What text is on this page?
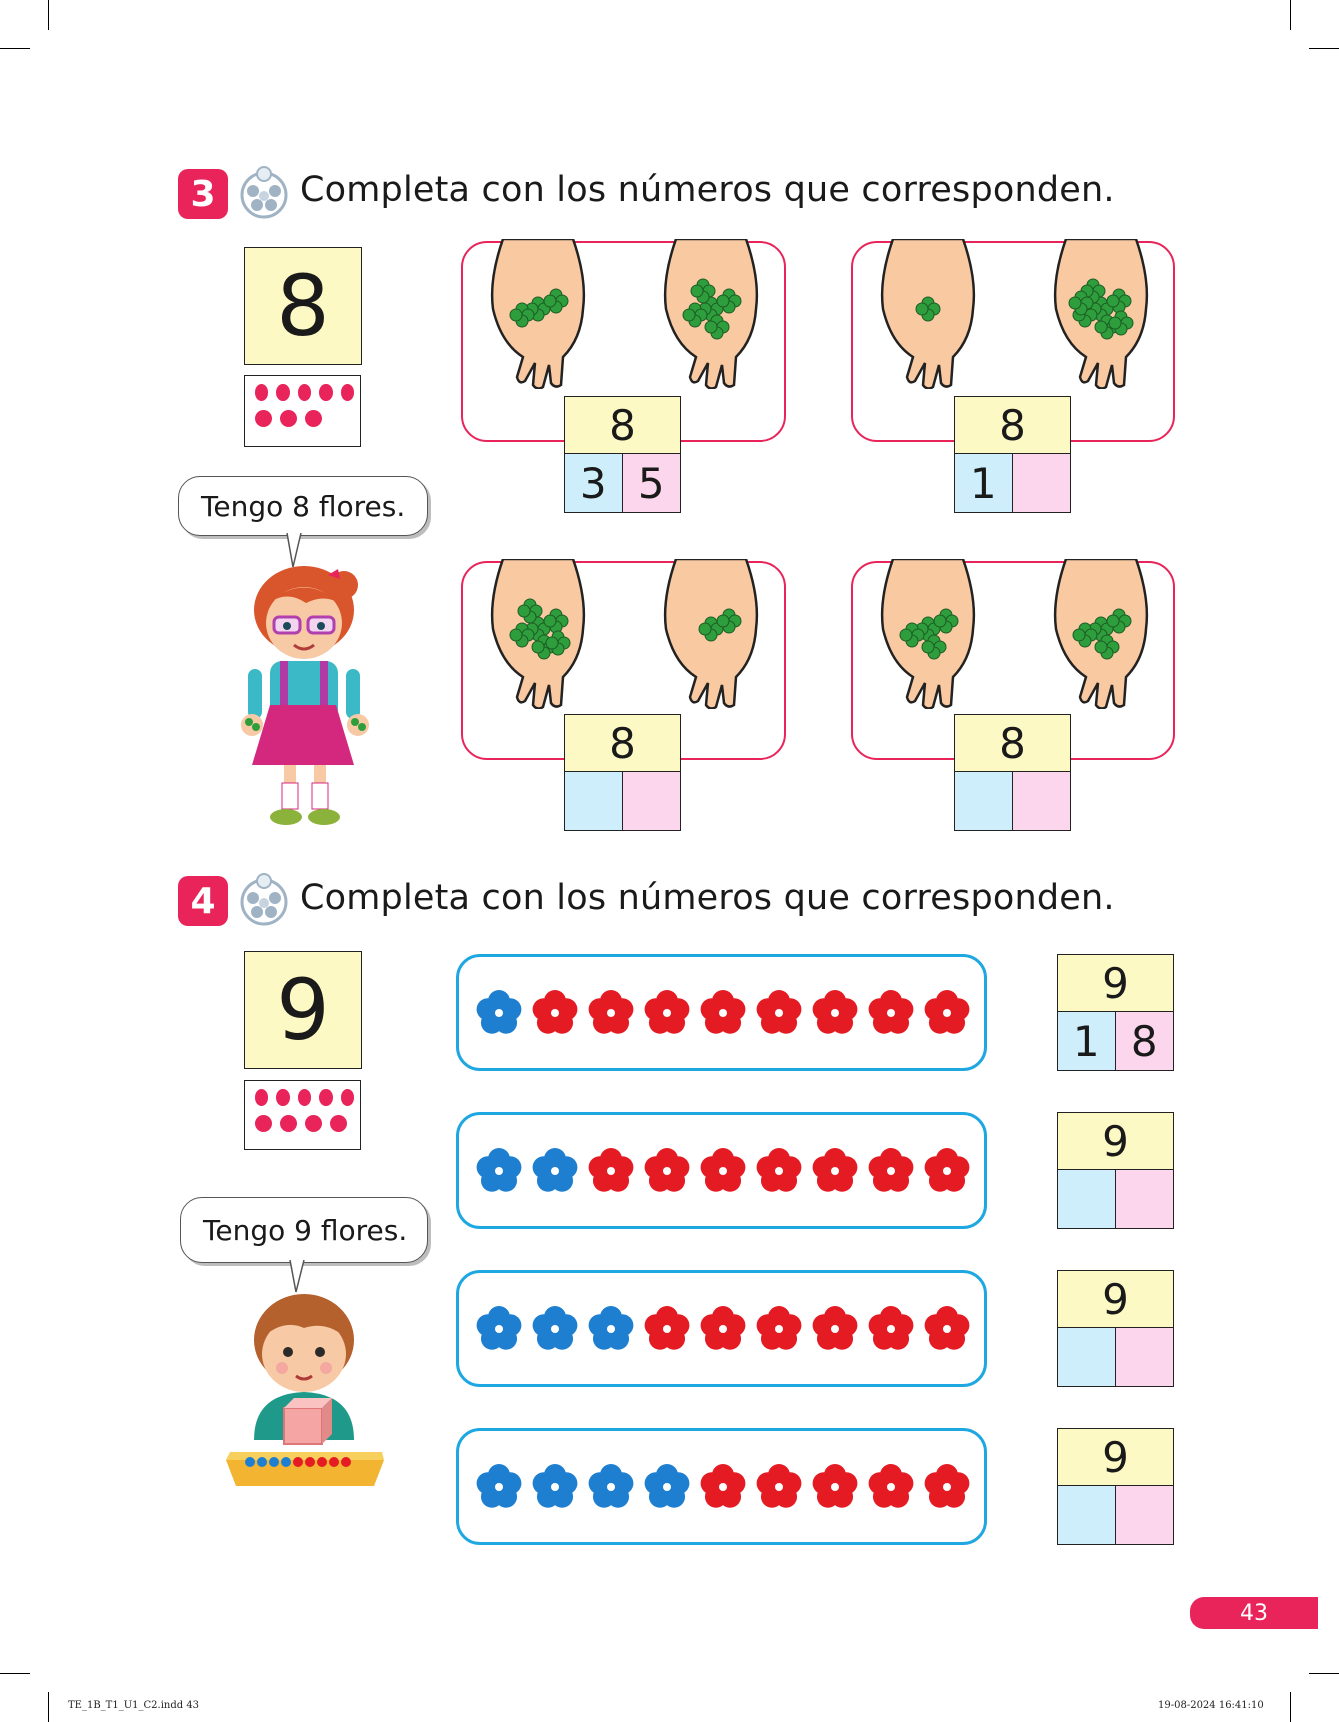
3	Completa con los números que corresponden.
8
Tengo 8 flores.
8
3 5
8
1
8	8
4	Completa con los números que corresponden.
9
Tengo 9 flores.
9
1 8
9
9
9
43
TE_1B_T1_U1_C2.indd 43	19-08-2024 16:41:10
